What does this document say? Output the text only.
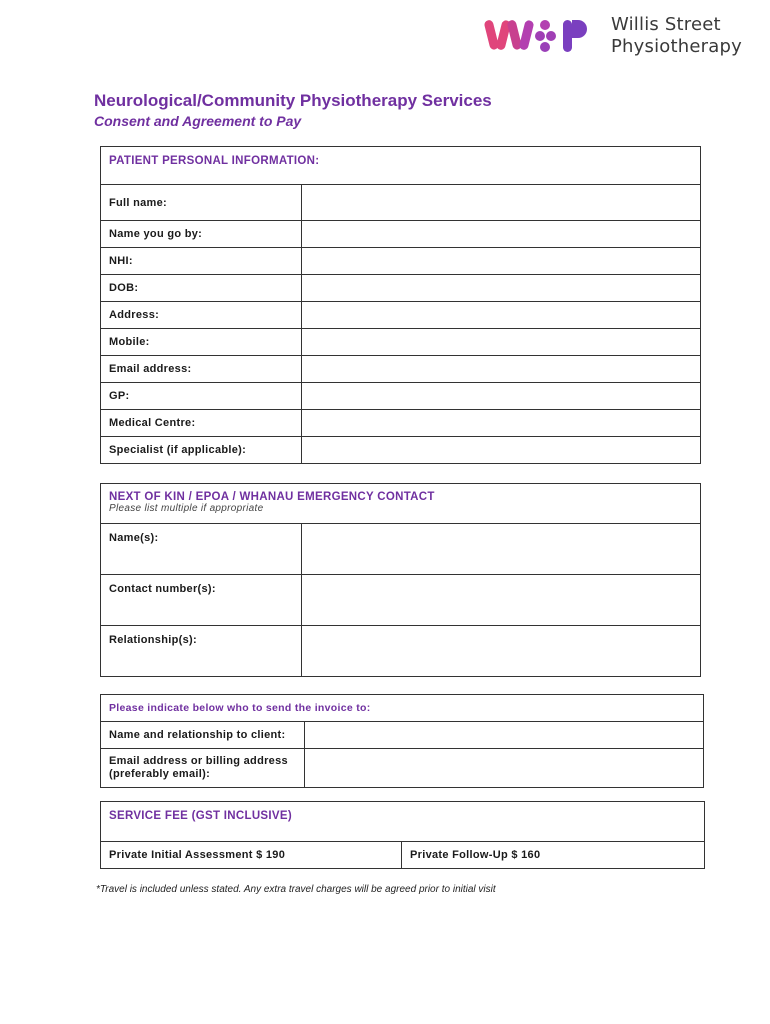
Willis Street
Physiotherapy
Neurological/Community Physiotherapy Services
Consent and Agreement to Pay
PATIENT PERSONAL INFORMATION:	
Full name:	
Name you go by:	
NHI:	
DOB:	
Address:	
Mobile:	
Email address:	
GP:	
Medical Centre:	
Specialist (if applicable):	
NEXT OF KIN / EPOA / WHANAU EMERGENCY CONTACT
Please list multiple if appropriate	

Name(s):	
Contact number(s):	
Relationship(s):	
Please indicate below who to send the invoice to:	
Name and relationship to client:	
Email address or billing address (preferably email):	
SERVICE FEE (GST INCLUSIVE)
Private Initial Assessment $ 190	Private Follow-Up $ 160
*Travel is included unless stated. Any extra travel charges will be agreed prior to initial visit
